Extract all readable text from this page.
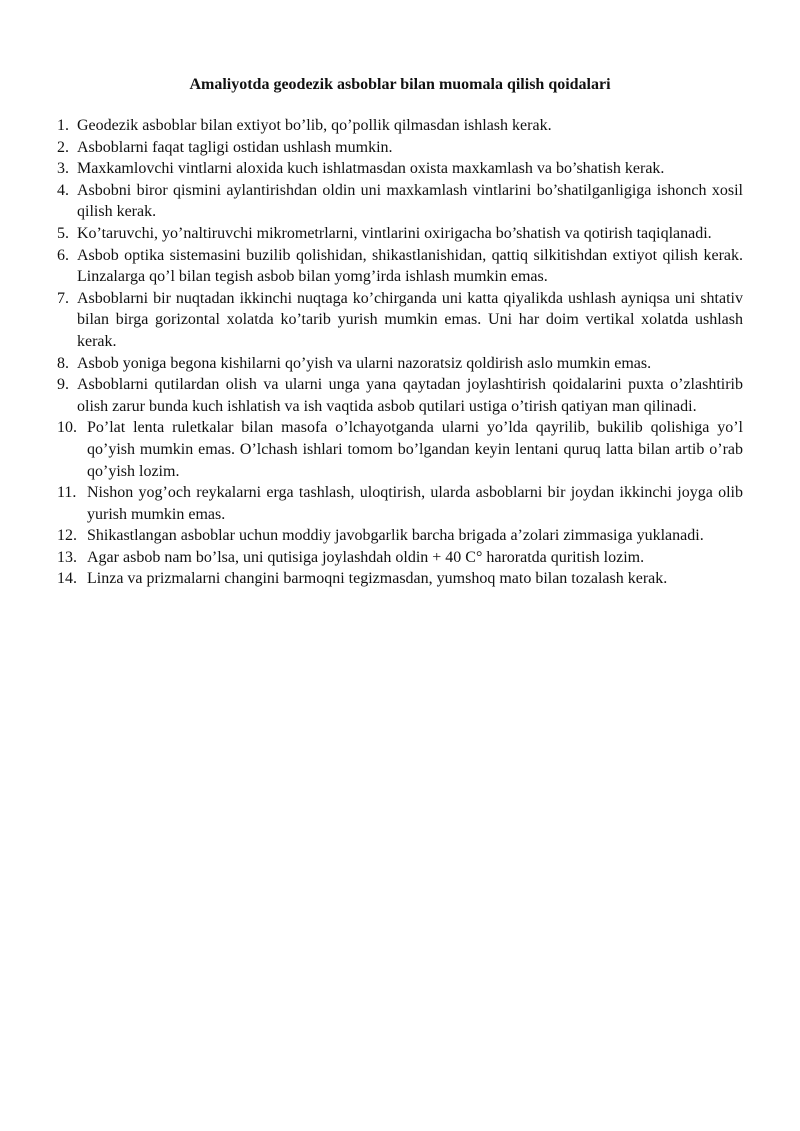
Amaliyotda geodezik asboblar bilan muomala qilish qoidalari
1. Geodezik asboblar bilan extiyot bo’lib, qo’pollik qilmasdan ishlash kerak.
2. Asboblarni faqat tagligi ostidan ushlash mumkin.
3. Maxkamlovchi vintlarni aloxida kuch ishlatmasdan oxista maxkamlash va bo’shatish kerak.
4. Asbobni biror qismini aylantirishdan oldin uni maxkamlash vintlarini bo’shatilganligiga ishonch xosil qilish kerak.
5. Ko’taruvchi, yo’naltiruvchi mikrometrlarni, vintlarini oxirigacha bo’shatish va qotirish taqiqlanadi.
6. Asbob optika sistemasini buzilib qolishidan, shikastlanishidan, qattiq silkitishdan extiyot qilish kerak. Linzalarga qo’l bilan tegish asbob bilan yomg’irda ishlash mumkin emas.
7. Asboblarni bir nuqtadan ikkinchi nuqtaga ko’chirganda uni katta qiyalikda ushlash ayniqsa uni shtativ bilan birga gorizontal xolatda ko’tarib yurish mumkin emas. Uni har doim vertikal xolatda ushlash kerak.
8. Asbob yoniga begona kishilarni qo’yish va ularni nazoratsiz qoldirish aslo mumkin emas.
9. Asboblarni qutilardan olish va ularni unga yana qaytadan joylashtirish qoidalarini puxta o’zlashtirib olish zarur bunda kuch ishlatish va ish vaqtida asbob qutilari ustiga o’tirish qatiyan man qilinadi.
10. Po’lat lenta ruletkalar bilan masofa o’lchayotganda ularni yo’lda qayrilib, bukilib qolishiga yo’l qo’yish mumkin emas. O’lchash ishlari tomom bo’lgandan keyin lentani quruq latta bilan artib o’rab qo’yish lozim.
11. Nishon yog’och reykalarni erga tashlash, uloqtirish, ularda asboblarni bir joydan ikkinchi joyga olib yurish mumkin emas.
12. Shikastlangan asboblar uchun moddiy javobgarlik barcha brigada a’zolari zimmasiga yuklanadi.
13. Agar asbob nam bo’lsa, uni qutisiga joylashdah oldin + 40 C° haroratda quritish lozim.
14. Linza va prizmalarni changini barmoqni tegizmasdan, yumshoq mato bilan tozalash kerak.
